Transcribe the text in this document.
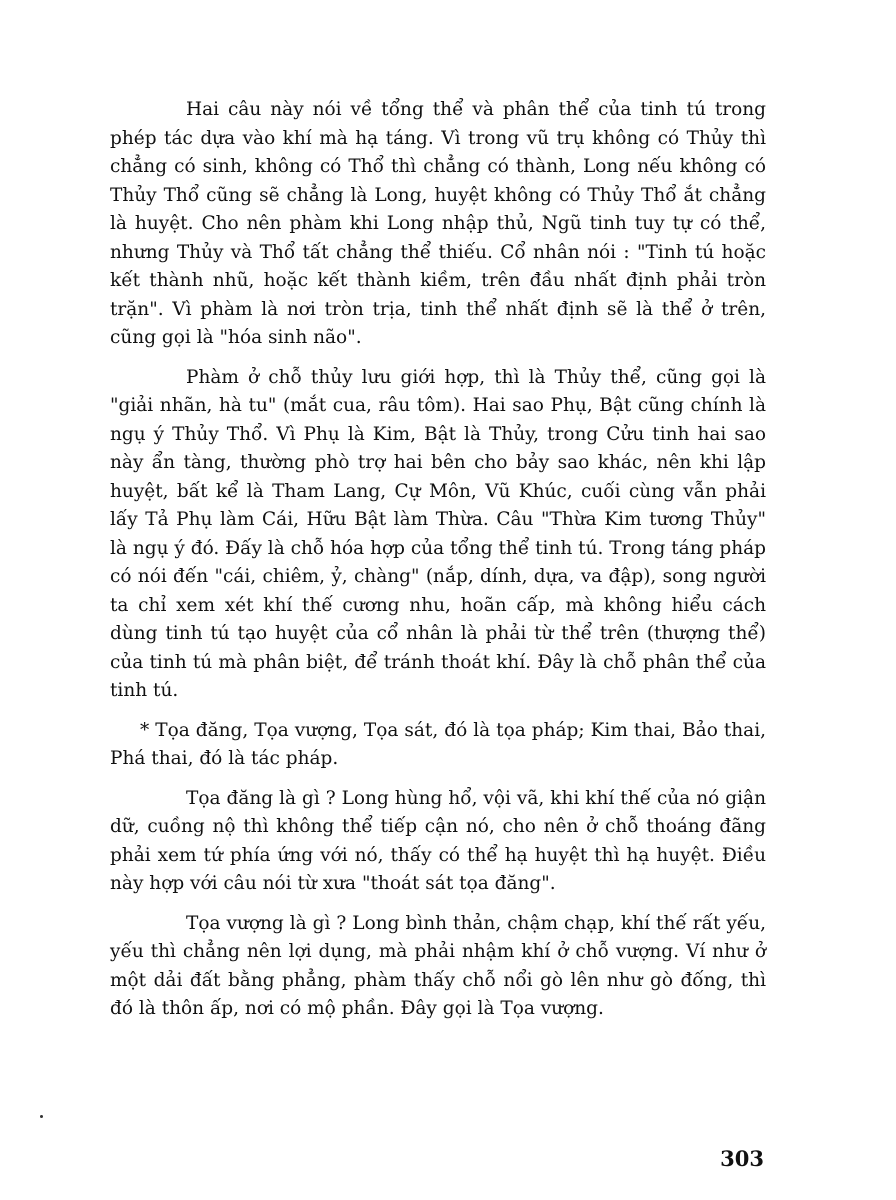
Hai câu này nói về tổng thể và phân thể của tinh tú trong phép tác dựa vào khí mà hạ táng. Vì trong vũ trụ không có Thủy thì chẳng có sinh, không có Thổ thì chẳng có thành, Long nếu không có Thủy Thổ cũng sẽ chẳng là Long, huyệt không có Thủy Thổ ắt chẳng là huyệt. Cho nên phàm khi Long nhập thủ, Ngũ tinh tuy tự có thể, nhưng Thủy và Thổ tất chẳng thể thiếu. Cổ nhân nói : "Tinh tú hoặc kết thành nhũ, hoặc kết thành kiềm, trên đầu nhất định phải tròn trặn". Vì phàm là nơi tròn trịa, tinh thể nhất định sẽ là thể ở trên, cũng gọi là "hóa sinh não".

Phàm ở chỗ thủy lưu giới hợp, thì là Thủy thể, cũng gọi là "giải nhãn, hà tu" (mắt cua, râu tôm). Hai sao Phụ, Bật cũng chính là ngụ ý Thủy Thổ. Vì Phụ là Kim, Bật là Thủy, trong Cửu tinh hai sao này ẩn tàng, thường phò trợ hai bên cho bảy sao khác, nên khi lập huyệt, bất kể là Tham Lang, Cự Môn, Vũ Khúc, cuối cùng vẫn phải lấy Tả Phụ làm Cái, Hữu Bật làm Thừa. Câu "Thừa Kim tương Thủy" là ngụ ý đó. Đấy là chỗ hóa hợp của tổng thể tinh tú. Trong táng pháp có nói đến "cái, chiêm, ỷ, chàng" (nắp, dính, dựa, va đập), song người ta chỉ xem xét khí thế cương nhu, hoãn cấp, mà không hiểu cách dùng tinh tú tạo huyệt của cổ nhân là phải từ thể trên (thượng thể) của tinh tú mà phân biệt, để tránh thoát khí. Đây là chỗ phân thể của tinh tú.

* Tọa đăng, Tọa vượng, Tọa sát, đó là tọa pháp; Kim thai, Bảo thai, Phá thai, đó là tác pháp.

Tọa đăng là gì ? Long hùng hổ, vội vã, khi khí thế của nó giận dữ, cuồng nộ thì không thể tiếp cận nó, cho nên ở chỗ thoáng đãng phải xem tứ phía ứng với nó, thấy có thể hạ huyệt thì hạ huyệt. Điều này hợp với câu nói từ xưa "thoát sát tọa đăng".

Tọa vượng là gì ? Long bình thản, chậm chạp, khí thế rất yếu, yếu thì chẳng nên lợi dụng, mà phải nhậm khí ở chỗ vượng. Ví như ở một dải đất bằng phẳng, phàm thấy chỗ nổi gò lên như gò đống, thì đó là thôn ấp, nơi có mộ phần. Đây gọi là Tọa vượng.

303
